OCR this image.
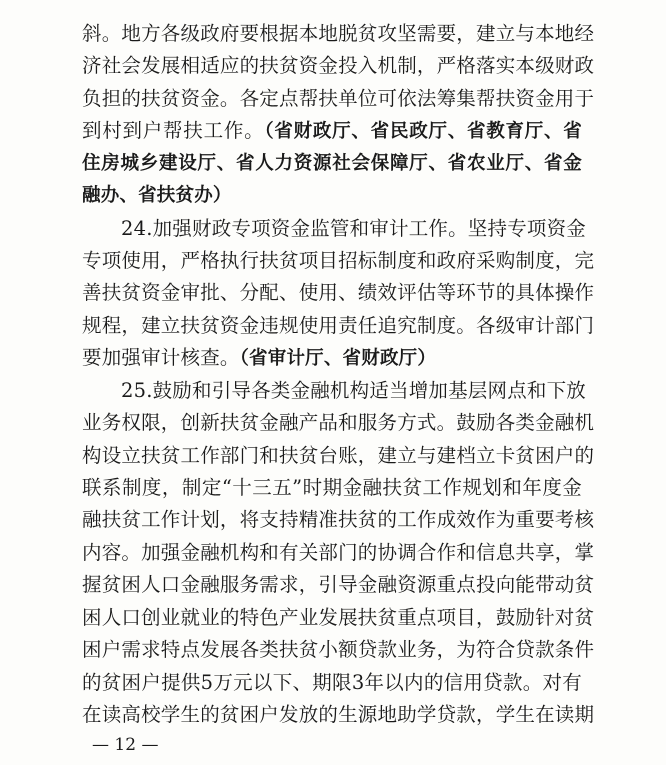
斜。地方各级政府要根据本地脱贫攻坚需要，建立与本地经
济社会发展相适应的扶贫资金投入机制，严格落实本级财政
负担的扶贫资金。各定点帮扶单位可依法筹集帮扶资金用于
到村到户帮扶工作。（省财政厅、省民政厅、省教育厅、省
住房城乡建设厅、省人力资源社会保障厅、省农业厅、省金
融办、省扶贫办）
24.加强财政专项资金监管和审计工作。坚持专项资金
专项使用，严格执行扶贫项目招标制度和政府采购制度，完
善扶贫资金审批、分配、使用、绩效评估等环节的具体操作
规程，建立扶贫资金违规使用责任追究制度。各级审计部门
要加强审计核查。（省审计厅、省财政厅）
25.鼓励和引导各类金融机构适当增加基层网点和下放
业务权限，创新扶贫金融产品和服务方式。鼓励各类金融机
构设立扶贫工作部门和扶贫台账，建立与建档立卡贫困户的
联系制度，制定“十三五”时期金融扶贫工作规划和年度金
融扶贫工作计划，将支持精准扶贫的工作成效作为重要考核
内容。加强金融机构和有关部门的协调合作和信息共享，掌
握贫困人口金融服务需求，引导金融资源重点投向能带动贫
困人口创业就业的特色产业发展扶贫重点项目，鼓励针对贫
困户需求特点发展各类扶贫小额贷款业务，为符合贷款条件
的贫困户提供5万元以下、期限3年以内的信用贷款。对有
在读高校学生的贫困户发放的生源地助学贷款，学生在读期
— 12 —
